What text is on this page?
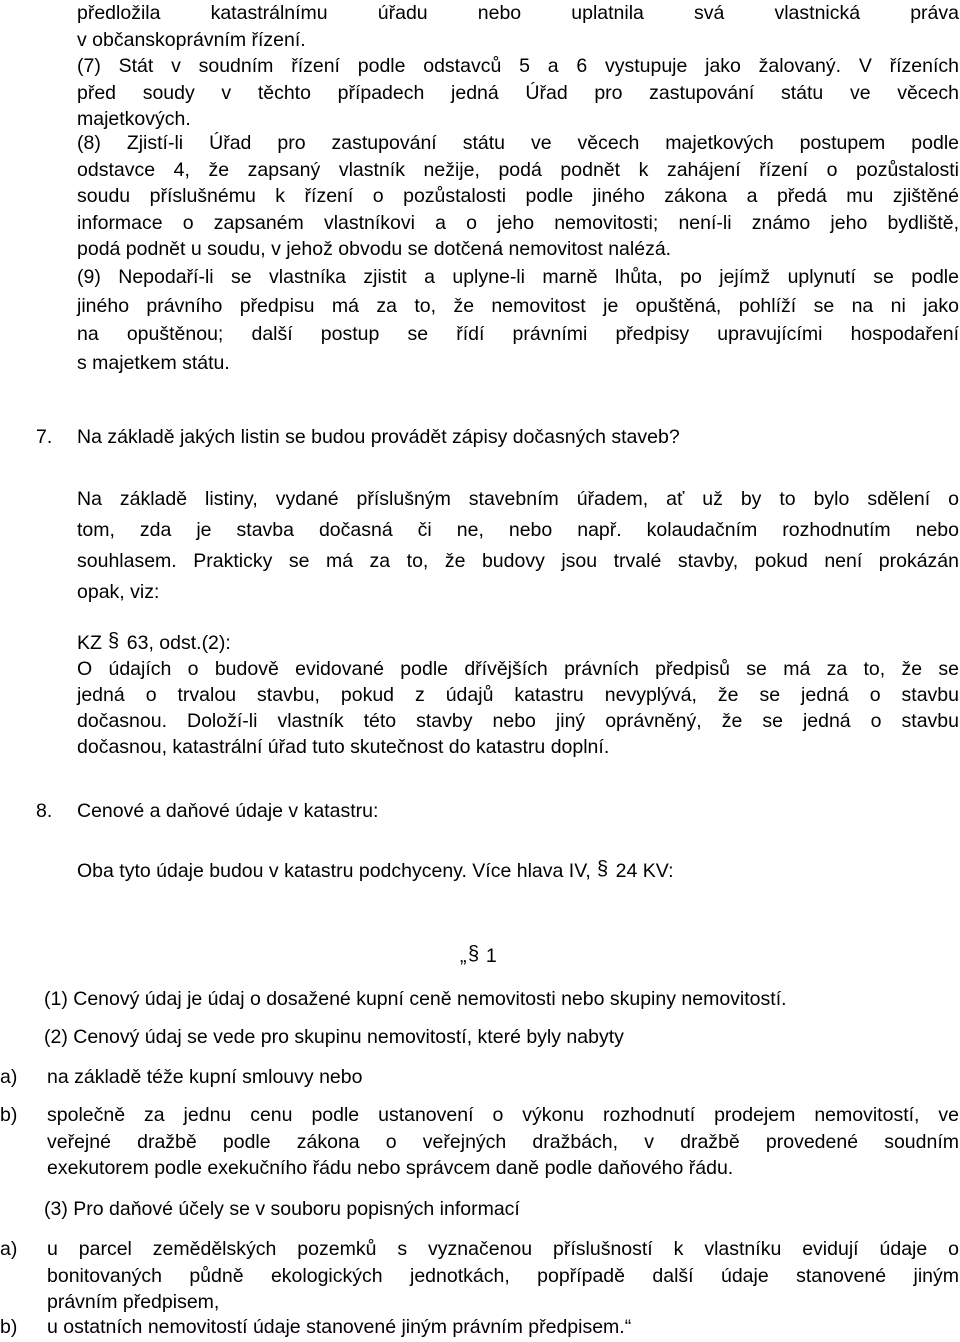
předložila katastrálnímu úřadu nebo uplatnila svá vlastnická práva

v občanskoprávním řízení.

(7) Stát v soudním řízení podle odstavců 5 a 6 vystupuje jako žalovaný. V řízeních

před soudy v těchto případech jedná Úřad pro zastupování státu ve věcech

majetkových.

(8) Zjistí-li Úřad pro zastupování státu ve věcech majetkových postupem podle

odstavce 4, že zapsaný vlastník nežije, podá podnět k zahájení řízení o pozůstalosti

soudu příslušnému k řízení o pozůstalosti podle jiného zákona a předá mu zjištěné

informace o zapsaném vlastníkovi a o jeho nemovitosti; není-li známo jeho bydliště,

podá podnět u soudu, v jehož obvodu se dotčená nemovitost nalézá.

(9) Nepodaří-li se vlastníka zjistit a uplyne-li marně lhůta, po jejímž uplynutí se podle

jiného právního předpisu má za to, že nemovitost je opuštěná, pohlíží se na ni jako

na opuštěnou; další postup se řídí právními předpisy upravujícími hospodaření

s majetkem státu.

7. Na základě jakých listin se budou provádět zápisy dočasných staveb?

Na základě listiny, vydané příslušným stavebním úřadem, ať už by to bylo sdělení o

tom, zda je stavba dočasná či ne, nebo např. kolaudačním rozhodnutím nebo

souhlasem. Prakticky se má za to, že budovy jsou trvalé stavby, pokud není prokázán

opak, viz:

KZ § 63, odst.(2):

O údajích o budově evidované podle dřívějších právních předpisů se má za to, že se

jedná o trvalou stavbu, pokud z údajů katastru nevyplývá, že se jedná o stavbu

dočasnou. Doloží-li vlastník této stavby nebo jiný oprávněný, že se jedná o stavbu

dočasnou, katastrální úřad tuto skutečnost do katastru doplní.

8. Cenové a daňové údaje v katastru:
Oba tyto údaje budou v katastru podchyceny. Více hlava IV, § 24 KV:
„ § 1
(1) Cenový údaj je údaj o dosažené kupní ceně nemovitosti nebo skupiny nemovitostí.
(2) Cenový údaj se vede pro skupinu nemovitostí, které byly nabyty
a) na základě téže kupní smlouvy nebo
b) společně za jednu cenu podle ustanovení o výkonu rozhodnutí prodejem nemovitostí, ve

veřejné dražbě podle zákona o veřejných dražbách, v dražbě provedené soudním

exekutorem podle exekučního řádu nebo správcem daně podle daňového řádu.

(3) Pro daňové účely se v souboru popisných informací
a) u parcel zemědělských pozemků s vyznačenou příslušností k vlastníku evidují údaje o

bonitovaných půdně ekologických jednotkách, popřípadě další údaje stanovené jiným

právním předpisem,

b) u ostatních nemovitostí údaje stanovené jiným právním předpisem.“
